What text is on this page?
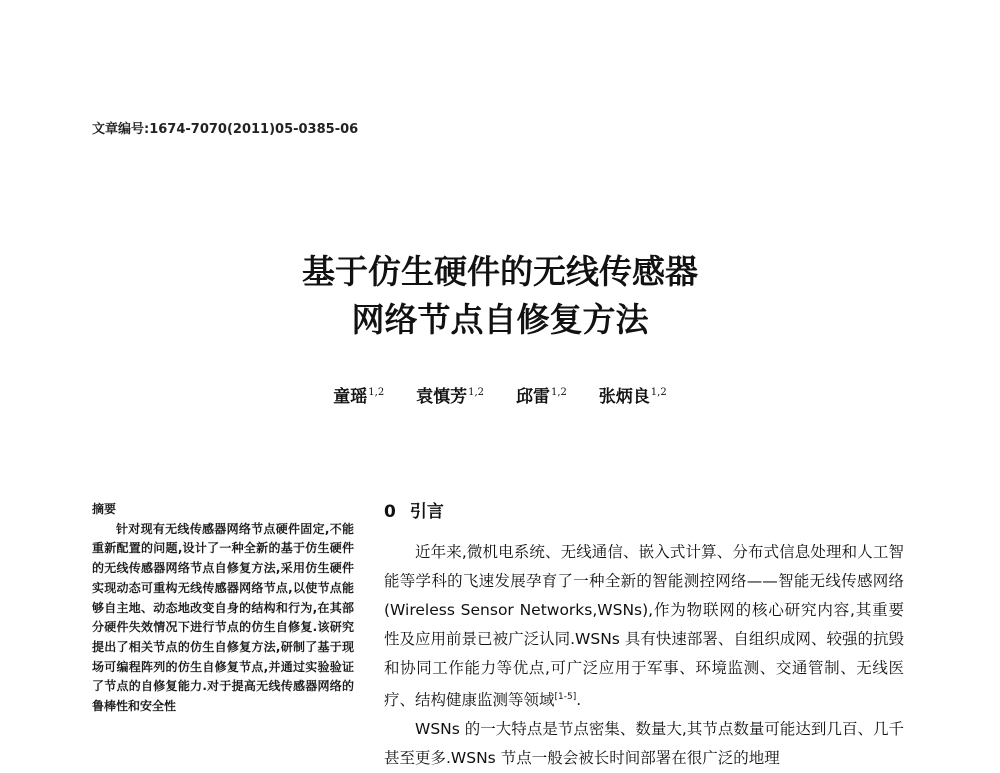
文章编号:1674-7070(2011)05-0385-06
基于仿生硬件的无线传感器
网络节点自修复方法
童瑶$^{1,2}$ 袁慎芳$^{1,2}$ 邱雷$^{1,2}$ 张炳良$^{1,2}$
摘要
针对现有无线传感器网络节点硬件固定,不能重新配置的问题,设计了一种全新的基于仿生硬件的无线传感器网络节点自修复方法,采用仿生硬件实现动态可重构无线传感器网络节点,以使节点能够自主地、动态地改变自身的结构和行为,在其部分硬件失效情况下进行节点的仿生自修复.该研究提出了相关节点的仿生自修复方法,研制了基于现场可编程阵列的仿生自修复节点,并通过实验验证了节点的自修复能力.对于提高无线传感器网络的鲁棒性和安全性
0 引言

近年来,微机电系统、无线通信、嵌入式计算、分布式信息处理和人工智能等学科的飞速发展孕育了一种全新的智能测控网络——智能无线传感网络(Wireless Sensor Networks,WSNs),作为物联网的核心研究内容,其重要性及应用前景已被广泛认同.WSNs 具有快速部署、自组织成网、较强的抗毁和协同工作能力等优点,可广泛应用于军事、环境监测、交通管制、无线医疗、结构健康监测等领域[1-5].

WSNs 的一大特点是节点密集、数量大,其节点数量可能达到几百、几千甚至更多.WSNs 节点一般会被长时间部署在很广泛的地理
